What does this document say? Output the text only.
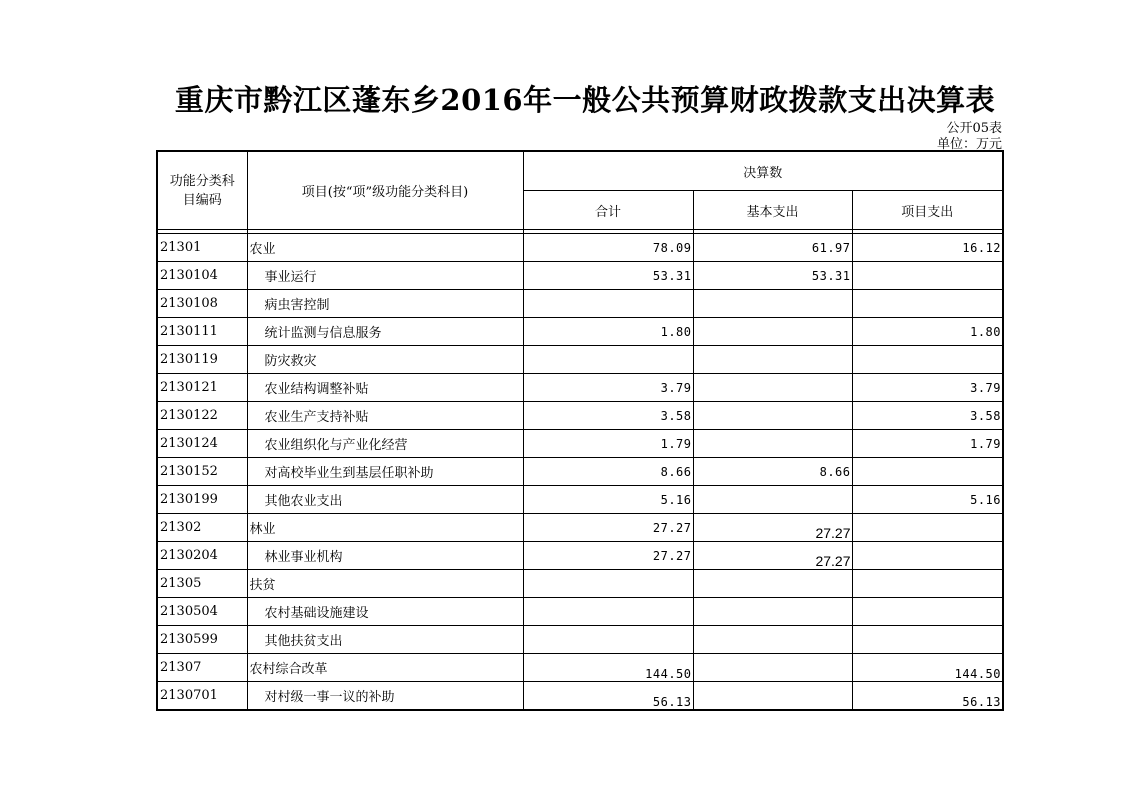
重庆市黔江区蓬东乡2016年一般公共预算财政拨款支出决算表
公开05表
单位：万元
功能分类科目编码	项目(按“项”级功能分类科目)	决算数		
		合计	基本支出	项目支出

21301	农业	78.09	61.97	16.12
2130104	事业运行	53.31	53.31	
2130108	病虫害控制			
2130111	统计监测与信息服务	1.80		1.80
2130119	防灾救灾			
2130121	农业结构调整补贴	3.79		3.79
2130122	农业生产支持补贴	3.58		3.58
2130124	农业组织化与产业化经营	1.79		1.79
2130152	对高校毕业生到基层任职补助	8.66	8.66	
2130199	其他农业支出	5.16		5.16
21302	林业	27.27	27.27	
2130204	林业事业机构	27.27	27.27	
21305	扶贫			
2130504	农村基础设施建设			
2130599	其他扶贫支出			
21307	农村综合改革	144.50		144.50
2130701	对村级一事一议的补助	56.13		56.13
